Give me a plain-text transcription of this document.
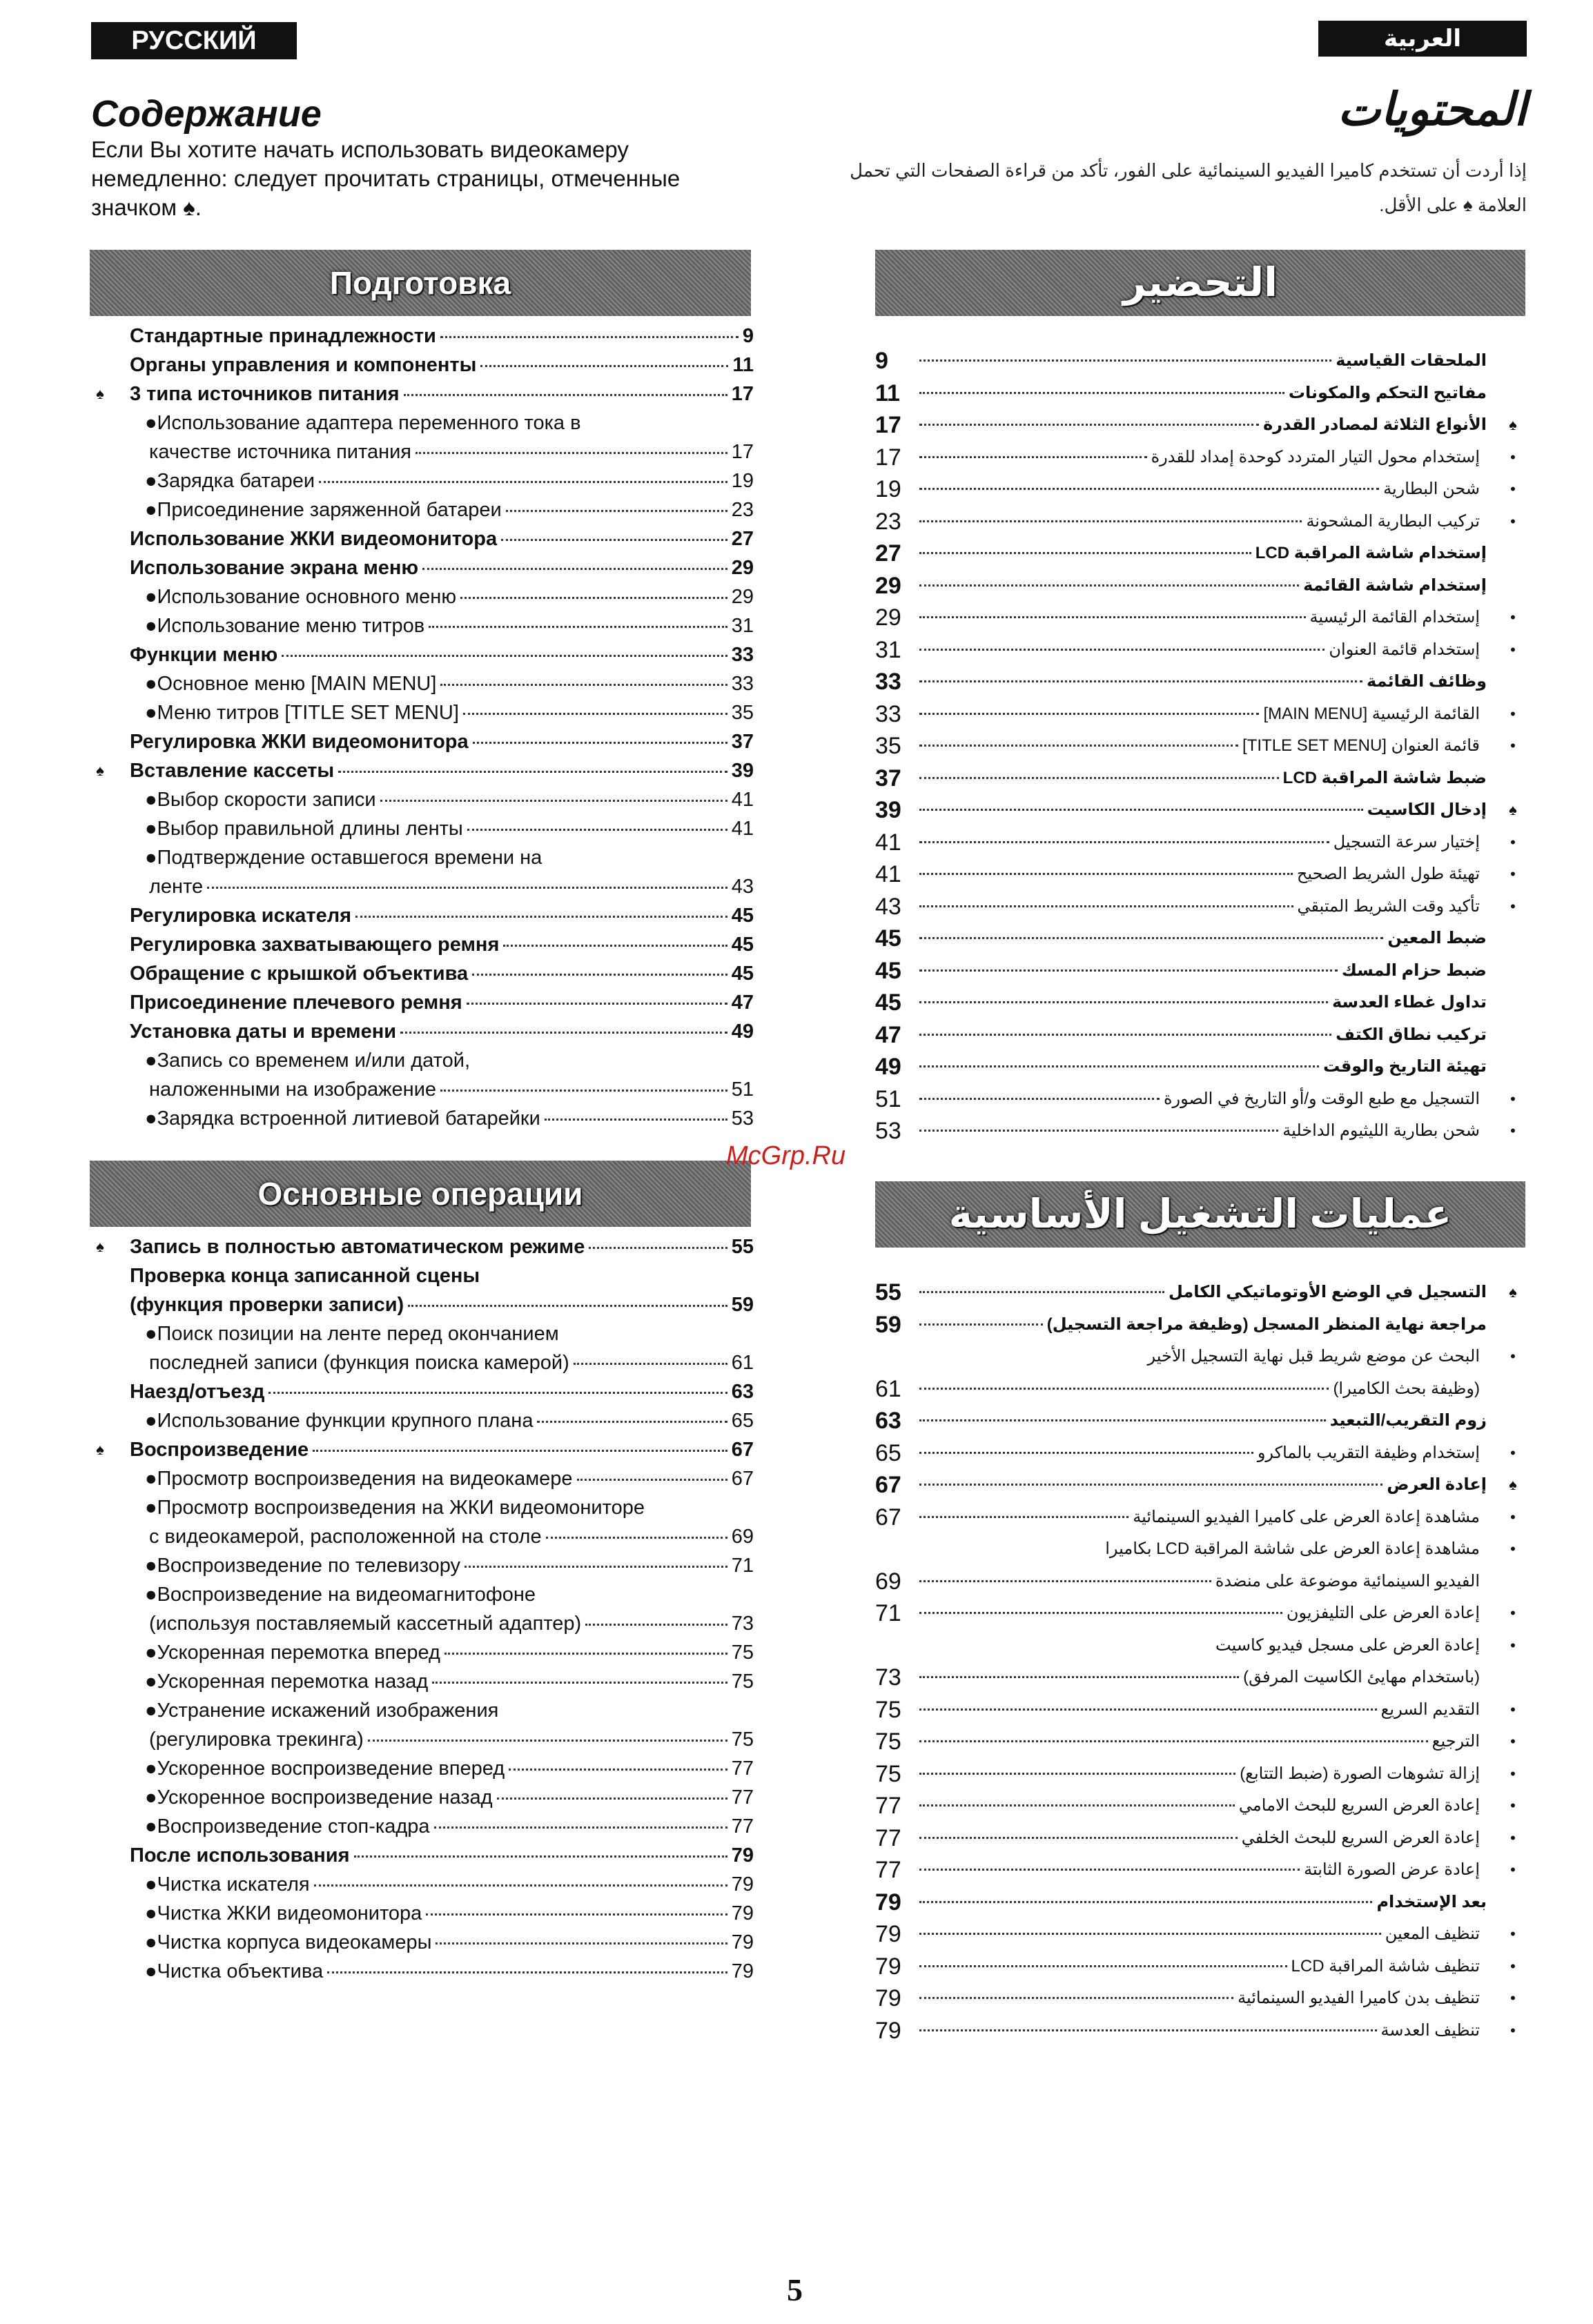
РУССКИЙ ЯЗЫК
العربية
Содержание
Если Вы хотите начать использовать видеокамеру немедленно: следует прочитать страницы, отмеченные значком ♠.
المحتويات
إذا أردت أن تستخدم كاميرا الفيديو السينمائية على الفور، تأكد من قراءة الصفحات التي تحمل العلامة ♠ على الأقل.
Подготовка
Основные операции
التحضير
عمليات التشغيل الأساسية
Стандартные принадлежности	9
Органы управления и компоненты	11
♠ 3 типа источников питания	17
●Использование адаптера переменного тока в
качестве источника питания	17
●Зарядка батареи	19
●Присоединение заряженной батареи	23
Использование ЖКИ видеомонитора	27
Использование экрана меню	29
●Использование основного меню	29
●Использование меню титров	31
Функции меню	33
●Основное меню [MAIN MENU]	33
●Меню титров [TITLE SET MENU]	35
Регулировка ЖКИ видеомонитора	37
♠ Вставление кассеты	39
●Выбор скорости записи	41
●Выбор правильной длины ленты	41
●Подтверждение оставшегося времени на
ленте	43
Регулировка искателя	45
Регулировка захватывающего ремня	45
Обращение с крышкой объектива	45
Присоединение плечевого ремня	47
Установка даты и времени	49
●Запись со временем и/или датой,
наложенными на изображение	51
●Зарядка встроенной литиевой батарейки	53
♠ Запись в полностью автоматическом режиме	55
Проверка конца записанной сцены
(функция проверки записи)	59
●Поиск позиции на ленте перед окончанием
последней записи (функция поиска камерой)	61
Наезд/отъезд	63
●Использование функции крупного плана	65
♠ Воспроизведение	67
●Просмотр воспроизведения на видеокамере	67
●Просмотр воспроизведения на ЖКИ видеомониторе
с видеокамерой, расположенной на столе	69
●Воспроизведение по телевизору	71
●Воспроизведение на видеомагнитофоне
(используя поставляемый кассетный адаптер)	73
●Ускоренная перемотка вперед	75
●Ускоренная перемотка назад	75
●Устранение искажений изображения
(регулировка трекинга)	75
●Ускоренное воспроизведение вперед	77
●Ускоренное воспроизведение назад	77
●Воспроизведение стоп-кадра	77
После использования	79
●Чистка искателя	79
●Чистка ЖКИ видеомонитора	79
●Чистка корпуса видеокамеры	79
●Чистка объектива	79
9	الملحقات القياسية
11	مفاتيح التحكم والمكونات
17	الأنواع الثلاثة لمصادر القدرة	♠
17	إستخدام محول التيار المتردد كوحدة إمداد للقدرة	•
19	شحن البطارية	•
23	تركيب البطارية المشحونة	•
27	إستخدام شاشة المراقبة LCD
29	إستخدام شاشة القائمة
29	إستخدام القائمة الرئيسية	•
31	إستخدام قائمة العنوان	•
33	وظائف القائمة
33	القائمة الرئيسية [MAIN MENU]	•
35	قائمة العنوان [TITLE SET MENU]	•
37	ضبط شاشة المراقبة LCD
39	إدخال الكاسيت	♠
41	إختيار سرعة التسجيل	•
41	تهيئة طول الشريط الصحيح	•
43	تأكيد وقت الشريط المتبقي	•
45	ضبط المعين
45	ضبط حزام المسك
45	تداول غطاء العدسة
47	تركيب نطاق الكتف
49	تهيئة التاريخ والوقت
51	التسجيل مع طبع الوقت و/أو التاريخ في الصورة	•
53	شحن بطارية الليثيوم الداخلية	•
55	التسجيل في الوضع الأوتوماتيكي الكامل	♠
59	مراجعة نهاية المنظر المسجل (وظيفة مراجعة التسجيل)
البحث عن موضع شريط قبل نهاية التسجيل الأخير	•
61	(وظيفة بحث الكاميرا)
63	زوم التقريب/التبعيد
65	إستخدام وظيفة التقريب بالماكرو	•
67	إعادة العرض	♠
67	مشاهدة إعادة العرض على كاميرا الفيديو السينمائية	•
مشاهدة إعادة العرض على شاشة المراقبة LCD بكاميرا	•
69	الفيديو السينمائية موضوعة على منضدة
71	إعادة العرض على التليفزيون	•
إعادة العرض على مسجل فيديو كاسيت	•
73	(باستخدام مهايئ الكاسيت المرفق)
75	التقديم السريع	•
75	الترجيع	•
75	إزالة تشوهات الصورة (ضبط التتابع)	•
77	إعادة العرض السريع للبحث الامامي	•
77	إعادة العرض السريع للبحث الخلفي	•
77	إعادة عرض الصورة الثابتة	•
79	بعد الإستخدام
79	تنظيف المعين	•
79	تنظيف شاشة المراقبة LCD	•
79	تنظيف بدن كاميرا الفيديو السينمائية	•
79	تنظيف العدسة	•
McGrp.Ru
5
